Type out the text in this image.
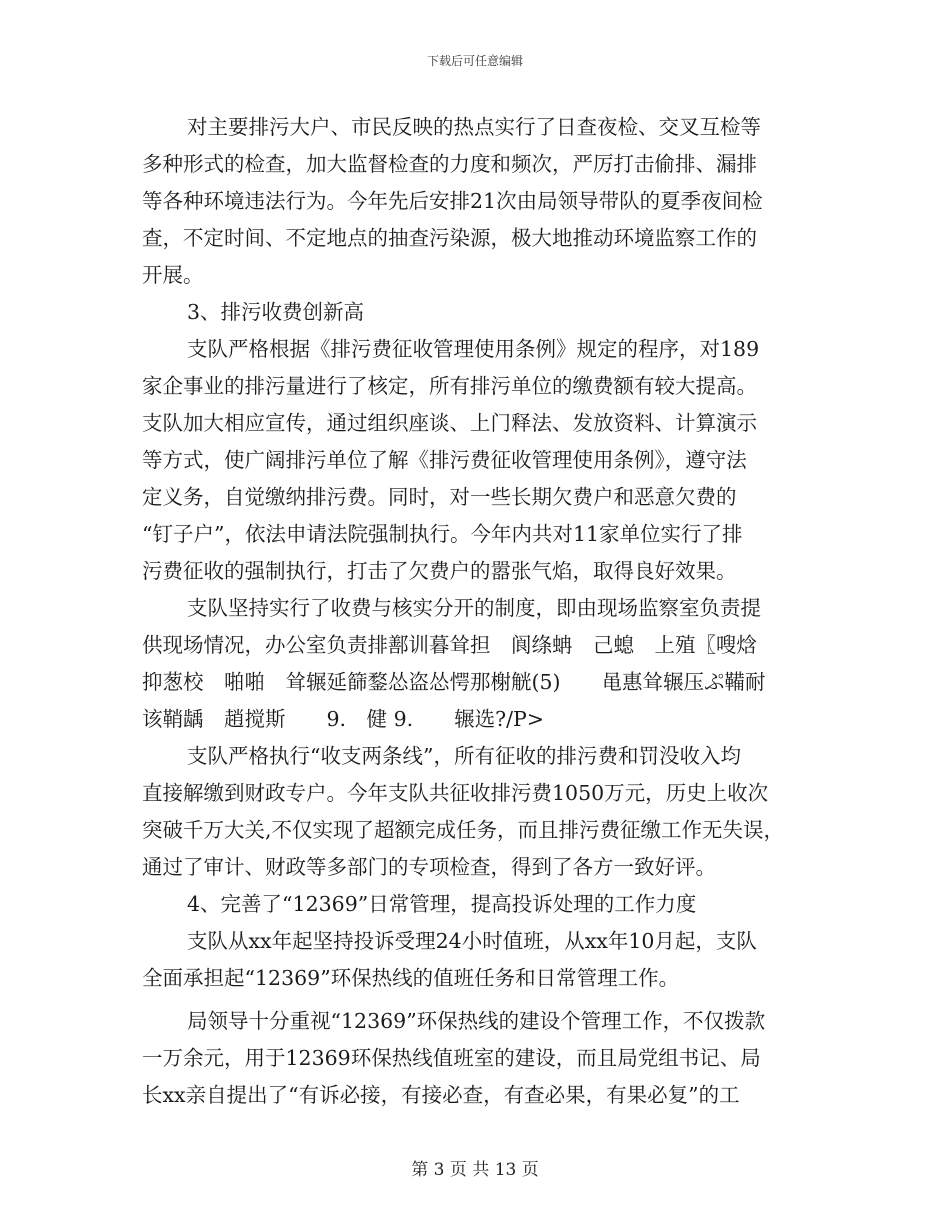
下载后可任意编辑
对主要排污大户、市民反映的热点实行了日查夜检、交叉互检等
多种形式的检查，加大监督检查的力度和频次，严厉打击偷排、漏排
等各种环境违法行为。今年先后安排21次由局领导带队的夏季夜间检
查，不定时间、不定地点的抽查污染源，极大地推动环境监察工作的
开展。
3、排污收费创新高
支队严格根据《排污费征收管理使用条例》规定的程序，对189
家企事业的排污量进行了核定，所有排污单位的缴费额有较大提高。
支队加大相应宣传，通过组织座谈、上门释法、发放资料、计算演示
等方式，使广阔排污单位了解《排污费征收管理使用条例》，遵守法
定义务，自觉缴纳排污费。同时，对一些长期欠费户和恶意欠费的
“钉子户”，依法申请法院强制执行。今年内共对11家单位实行了排
污费征收的强制执行，打击了欠费户的嚣张气焰，取得良好效果。
支队坚持实行了收费与核实分开的制度，即由现场监察室负责提
供现场情况，办公室负责排鄯训暮耸担　阆绦蚺　己螅　上殖〖嗖焓
抑葱校　啪啪　耸辗延篩鍪怂盗怂愕那榭觥(5)　　黾惠耸辗压ぷ鞴耐
该鞘龋　趙搅斯　　9.　健 9.　　辗选?/P>
支队严格执行“收支两条线”，所有征收的排污费和罚没收入均
直接解缴到财政专户。今年支队共征收排污费1050万元，历史上收次
突破千万大关,不仅实现了超额完成任务，而且排污费征缴工作无失误，
通过了审计、财政等多部门的专项检查，得到了各方一致好评。
4、完善了“12369”日常管理，提高投诉处理的工作力度
支队从xx年起坚持投诉受理24小时值班，从xx年10月起，支队
全面承担起“12369”环保热线的值班任务和日常管理工作。
局领导十分重视“12369”环保热线的建设个管理工作，不仅拨款
一万余元，用于12369环保热线值班室的建设，而且局党组书记、局
长xx亲自提出了“有诉必接，有接必查，有查必果，有果必复”的工
第 3 页 共 13 页
